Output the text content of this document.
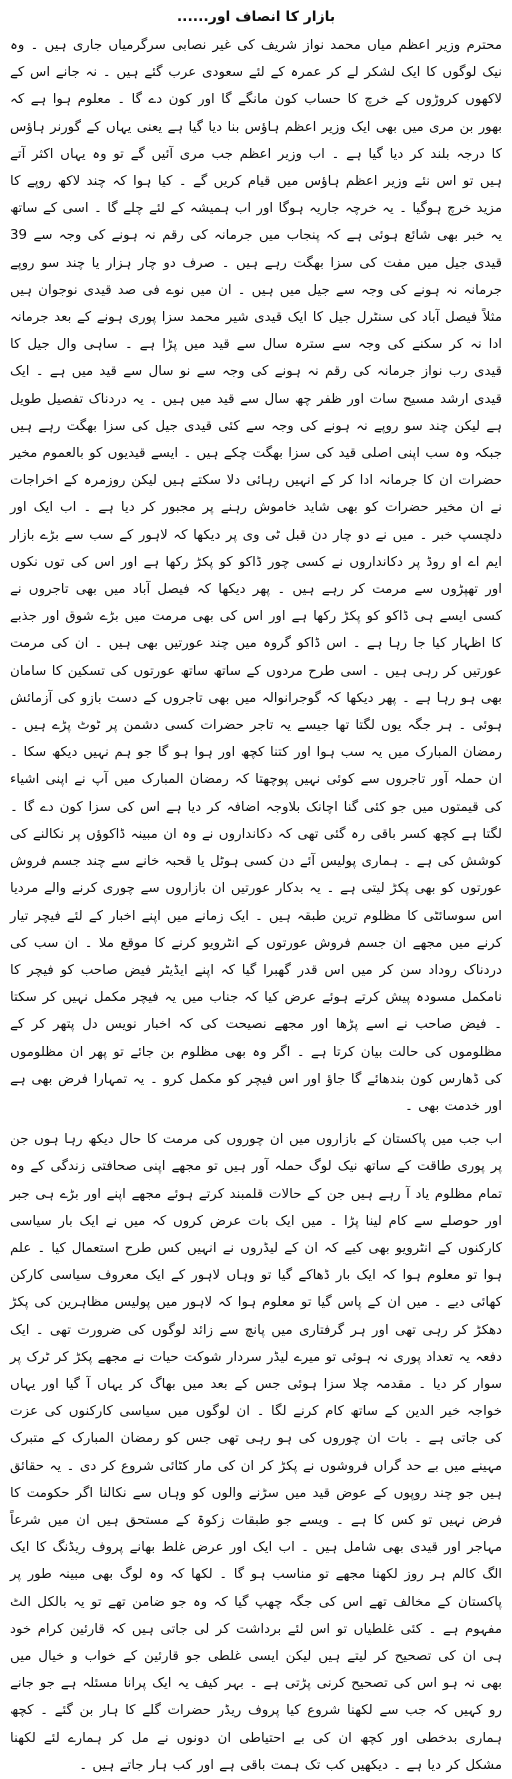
بازار کا انصاف اور......

محترم وزیر اعظم میاں محمد نواز شریف کی غیر نصابی سرگرمیاں جاری ہیں ۔ وہ نیک لوگوں کا ایک لشکر لے کر عمرہ کے لئے سعودی عرب گئے ہیں ۔ نہ جانے اس کے لاکھوں کروڑوں کے خرچ کا حساب کون مانگے گا اور کون دے گا ۔ معلوم ہوا ہے کہ بھور بن مری میں بھی ایک وزیر اعظم ہاؤس بنا دیا گیا ہے یعنی یہاں کے گورنر ہاؤس کا درجہ بلند کر دیا گیا ہے ۔ اب وزیر اعظم جب مری آئیں گے تو وہ یہاں اکثر آتے ہیں تو اس نئے وزیر اعظم ہاؤس میں قیام کریں گے ۔ کیا ہوا کہ چند لاکھ روپے کا مزید خرچ ہوگیا ۔ یہ خرچہ جاریہ ہوگا اور اب ہمیشہ کے لئے چلے گا ۔ اسی کے ساتھ یہ خبر بھی شائع ہوئی ہے کہ پنجاب میں جرمانہ کی رقم نہ ہونے کی وجہ سے 39 قیدی جیل میں مفت کی سزا بھگت رہے ہیں ۔ صرف دو چار ہزار یا چند سو روپے جرمانہ نہ ہونے کی وجہ سے جیل میں ہیں ۔ ان میں نوے فی صد قیدی نوجوان ہیں مثلاً فیصل آباد کی سنٹرل جیل کا ایک قیدی شیر محمد سزا پوری ہونے کے بعد جرمانہ ادا نہ کر سکنے کی وجہ سے سترہ سال سے قید میں پڑا ہے ۔ ساہی وال جیل کا قیدی رب نواز جرمانہ کی رقم نہ ہونے کی وجہ سے نو سال سے قید میں ہے ۔ ایک قیدی ارشد مسیح سات اور ظفر چھ سال سے قید میں ہیں ۔ یہ دردناک تفصیل طویل ہے لیکن چند سو روپے نہ ہونے کی وجہ سے کئی قیدی جیل کی سزا بھگت رہے ہیں جبکہ وہ سب اپنی اصلی قید کی سزا بھگت چکے ہیں ۔ ایسے قیدیوں کو بالعموم مخیر حضرات ان کا جرمانہ ادا کر کے انہیں رہائی دلا سکتے ہیں لیکن روزمرہ کے اخراجات نے ان مخیر حضرات کو بھی شاید خاموش رہنے پر مجبور کر دیا ہے ۔ اب ایک اور دلچسپ خبر ۔ میں نے دو چار دن قبل ٹی وی پر دیکھا کہ لاہور کے سب سے بڑے بازار ایم اے او روڈ پر دکانداروں نے کسی چور ڈاکو کو پکڑ رکھا ہے اور اس کی توں نکوں اور تھپڑوں سے مرمت کر رہے ہیں ۔ پھر دیکھا کہ فیصل آباد میں بھی تاجروں نے کسی ایسے ہی ڈاکو کو پکڑ رکھا ہے اور اس کی بھی مرمت میں بڑے شوق اور جذبے کا اظہار کیا جا رہا ہے ۔ اس ڈاکو گروہ میں چند عورتیں بھی ہیں ۔ ان کی مرمت عورتیں کر رہی ہیں ۔ اسی طرح مردوں کے ساتھ ساتھ عورتوں کی تسکین کا سامان بھی ہو رہا ہے ۔ پھر دیکھا کہ گوجرانوالہ میں بھی تاجروں کے دست بازو کی آزمائش ہوئی ۔ ہر جگہ یوں لگتا تھا جیسے یہ تاجر حضرات کسی دشمن پر ٹوٹ پڑے ہیں ۔ رمضان المبارک میں یہ سب ہوا اور کتنا کچھ اور ہوا ہو گا جو ہم نہیں دیکھ سکا ۔ ان حملہ آور تاجروں سے کوئی نہیں پوچھتا کہ رمضان المبارک میں آپ نے اپنی اشیاء کی قیمتوں میں جو کئی گنا اچانک بلاوجہ اضافہ کر دیا ہے اس کی سزا کون دے گا ۔ لگتا ہے کچھ کسر باقی رہ گئی تھی کہ دکانداروں نے وہ ان مبینہ ڈاکوؤں پر نکالنے کی کوشش کی ہے ۔ ہماری پولیس آئے دن کسی ہوٹل یا قحبہ خانے سے چند جسم فروش عورتوں کو بھی پکڑ لیتی ہے ۔ یہ بدکار عورتیں ان بازاروں سے چوری کرنے والے مردیا اس سوسائٹی کا مظلوم ترین طبقہ ہیں ۔ ایک زمانے میں اپنے اخبار کے لئے فیچر تیار کرنے میں مجھے ان جسم فروش عورتوں کے انٹرویو کرنے کا موقع ملا ۔ ان سب کی دردناک روداد سن کر میں اس قدر گھبرا گیا کہ اپنے ایڈیٹر فیض صاحب کو فیچر کا نامکمل مسودہ پیش کرتے ہوئے عرض کیا کہ جناب میں یہ فیچر مکمل نہیں کر سکتا ۔ فیض صاحب نے اسے پڑھا اور مجھے نصیحت کی کہ اخبار نویس دل پتھر کر کے مظلوموں کی حالت بیان کرتا ہے ۔ اگر وہ بھی مظلوم بن جائے تو پھر ان مظلوموں کی ڈھارس کون بندھائے گا جاؤ اور اس فیچر کو مکمل کرو ۔ یہ تمہارا فرض بھی ہے اور خدمت بھی ۔

اب جب میں پاکستان کے بازاروں میں ان چوروں کی مرمت کا حال دیکھ رہا ہوں جن پر پوری طاقت کے ساتھ نیک لوگ حملہ آور ہیں تو مجھے اپنی صحافتی زندگی کے وہ تمام مظلوم یاد آ رہے ہیں جن کے حالات قلمبند کرتے ہوئے مجھے اپنے اور بڑے ہی جبر اور حوصلے سے کام لینا پڑا ۔ میں ایک بات عرض کروں کہ میں نے ایک بار سیاسی کارکنوں کے انٹرویو بھی کیے کہ ان کے لیڈروں نے انہیں کس طرح استعمال کیا ۔ علم ہوا تو معلوم ہوا کہ ایک بار ڈھاکے گیا تو وہاں لاہور کے ایک معروف سیاسی کارکن کھائی دیے ۔ میں ان کے پاس گیا تو معلوم ہوا کہ لاہور میں پولیس مظاہرین کی پکڑ دھکڑ کر رہی تھی اور ہر گرفتاری میں پانچ سے زائد لوگوں کی ضرورت تھی ۔ ایک دفعہ یہ تعداد پوری نہ ہوئی تو میرے لیڈر سردار شوکت حیات نے مجھے پکڑ کر ٹرک پر سوار کر دیا ۔ مقدمہ چلا سزا ہوئی جس کے بعد میں بھاگ کر یہاں آ گیا اور یہاں خواجہ خیر الدین کے ساتھ کام کرنے لگا ۔ ان لوگوں میں سیاسی کارکنوں کی عزت کی جاتی ہے ۔ بات ان چوروں کی ہو رہی تھی جس کو رمضان المبارک کے متبرک مہینے میں بے حد گراں فروشوں نے پکڑ کر ان کی مار کٹائی شروع کر دی ۔ یہ حقائق ہیں جو چند روپوں کے عوض قید میں سڑنے والوں کو وہاں سے نکالنا اگر حکومت کا فرض نہیں تو کس کا ہے ۔ ویسے جو طبقات زکوۃ کے مستحق ہیں ان میں شرعاً مہاجر اور قیدی بھی شامل ہیں ۔ اب ایک اور عرض غلط بھانے پروف ریڈنگ کا ایک الگ کالم ہر روز لکھنا مجھے تو مناسب ہو گا ۔ لکھا کہ وہ لوگ بھی مبینہ طور پر پاکستان کے مخالف تھے اس کی جگہ چھپ گیا کہ وہ جو ضامن تھے تو یہ بالکل الٹ مفہوم ہے ۔ کئی غلطیاں تو اس لئے برداشت کر لی جاتی ہیں کہ قارئین کرام خود ہی ان کی تصحیح کر لیتے ہیں لیکن ایسی غلطی جو قارئین کے خواب و خیال میں بھی نہ ہو اس کی تصحیح کرنی پڑتی ہے ۔ بہر کیف یہ ایک پرانا مسئلہ ہے جو جانے رو کہیں کہ جب سے لکھنا شروع کیا پروف ریڈر حضرات گلے کا ہار بن گئے ۔ کچھ ہماری بدخطی اور کچھ ان کی بے احتیاطی ان دونوں نے مل کر ہمارے لئے لکھنا مشکل کر دیا ہے ۔ دیکھیں کب تک ہمت باقی ہے اور کب ہار جاتے ہیں ۔
